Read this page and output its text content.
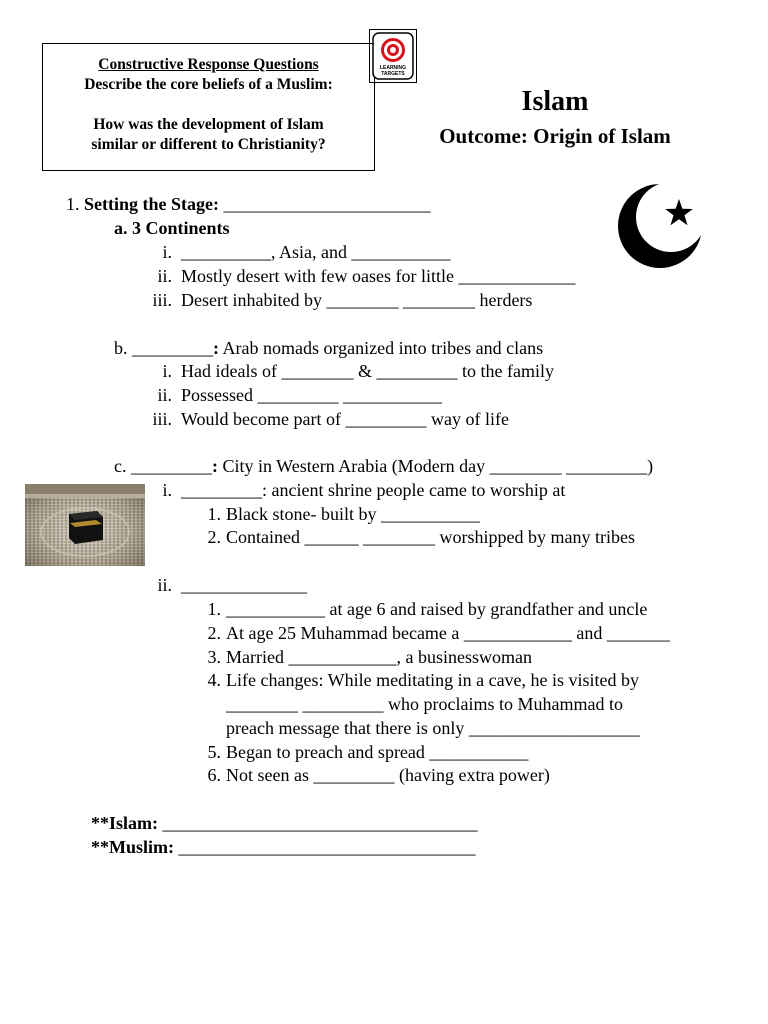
Constructive Response Questions
Describe the core beliefs of a Muslim:
How was the development of Islam
similar or different to Christianity?
LEARNING
TARGETS
Islam
Outcome: Origin of Islam
1. Setting the Stage: _______________________
a. 3 Continents
i. __________, Asia, and ___________
ii. Mostly desert with few oases for little _____________
iii. Desert inhabited by ________ ________ herders
b. _________: Arab nomads organized into tribes and clans
i. Had ideals of ________ & _________ to the family
ii. Possessed _________ ___________
iii. Would become part of _________ way of life
c. _________: City in Western Arabia (Modern day ________ _________)
i. _________: ancient shrine people came to worship at
1. Black stone- built by ___________
2. Contained ______ ________ worshipped by many tribes
ii. ______________
1. ___________ at age 6 and raised by grandfather and uncle
2. At age 25 Muhammad became a ____________ and _______
3. Married ____________, a businesswoman
4. Life changes: While meditating in a cave, he is visited by
________ _________ who proclaims to Muhammad to
preach message that there is only ___________________
5. Began to preach and spread ___________
6. Not seen as _________ (having extra power)
**Islam: ___________________________________
**Muslim: _________________________________
